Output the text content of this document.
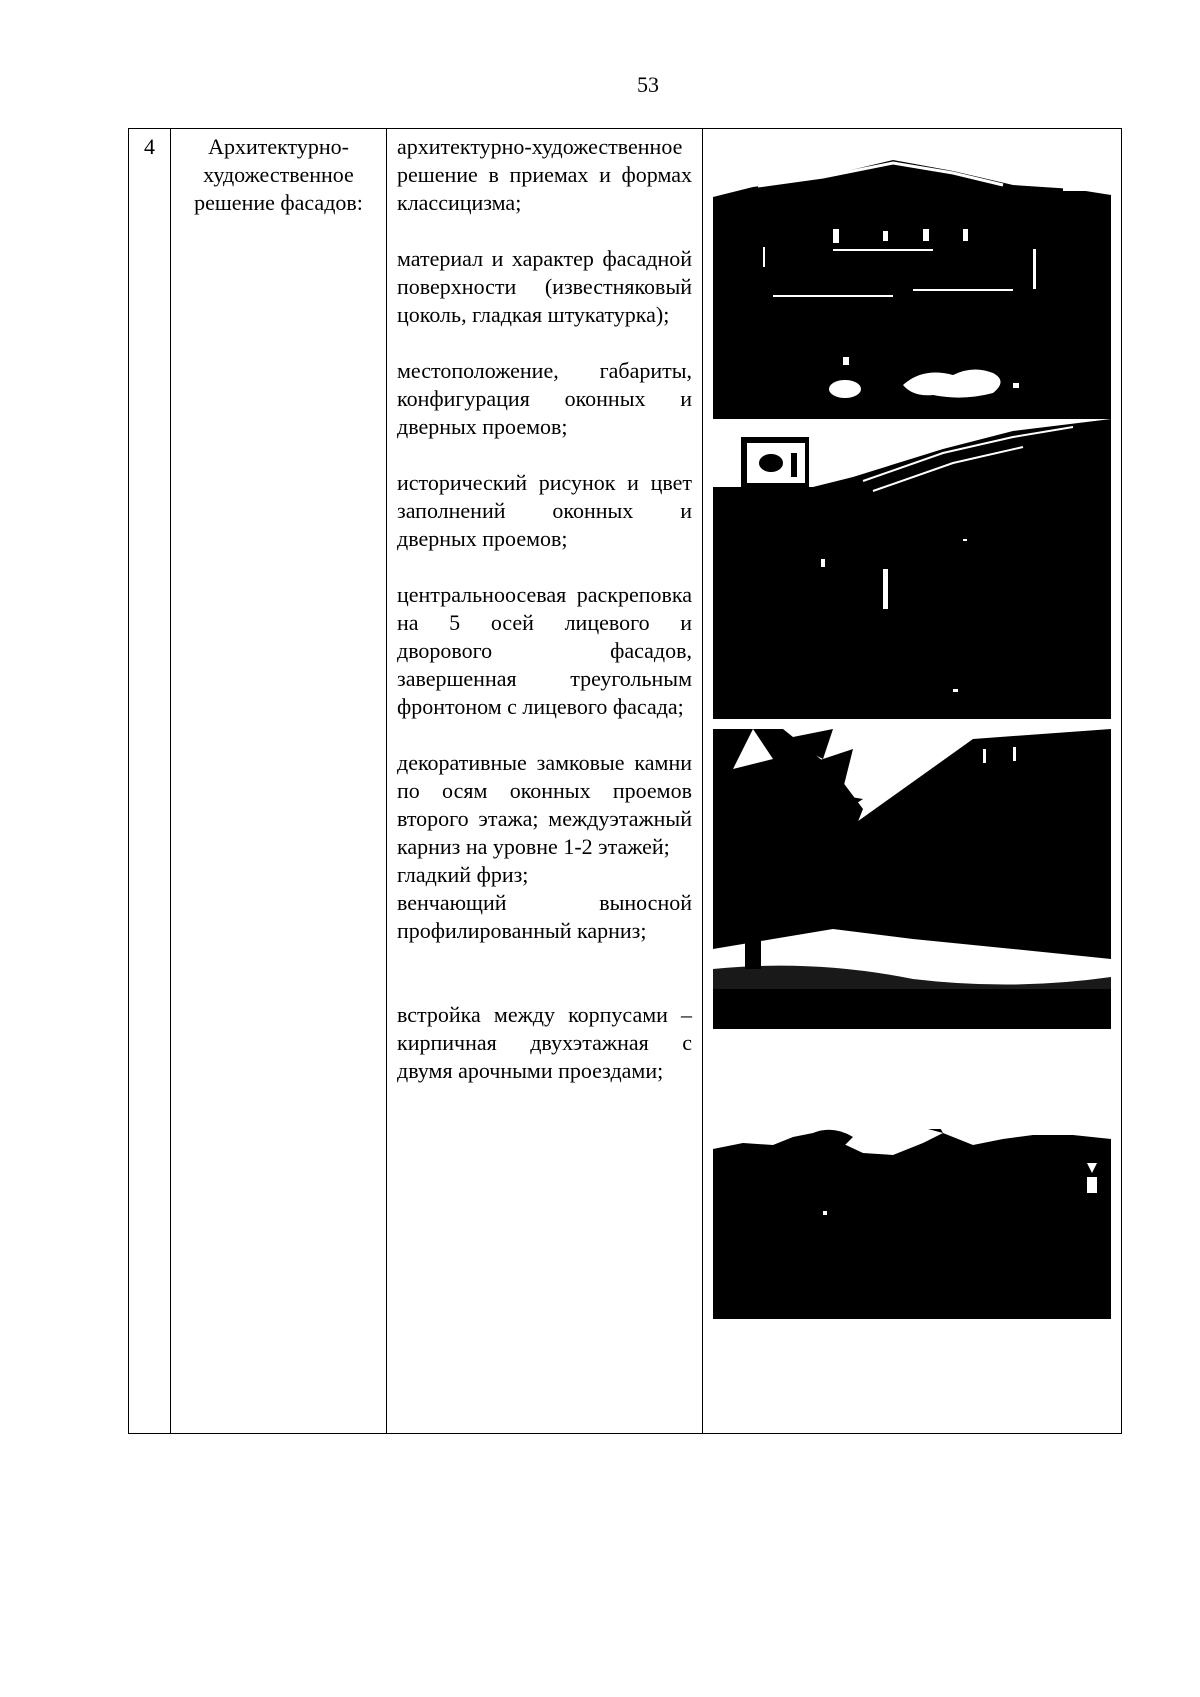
53
4	Архитектурно-художественное решение фасадов:

архитектурно-художественное решение в приемах и формах классицизма;

материал и характер фасадной поверхности (известняковый цоколь, гладкая штукатурка);

местоположение, габариты, конфигурация оконных и дверных проемов;

исторический рисунок и цвет заполнений оконных и дверных проемов;

центральноосевая раскреповка на 5 осей лицевого и дворового фасадов, завершенная треугольным фронтоном с лицевого фасада;

декоративные замковые камни по осям оконных проемов второго этажа; междуэтажный карниз на уровне 1-2 этажей;

гладкий фриз;

венчающий выносной профилированный карниз;

встройка между корпусами – кирпичная двухэтажная с двумя арочными проездами;
